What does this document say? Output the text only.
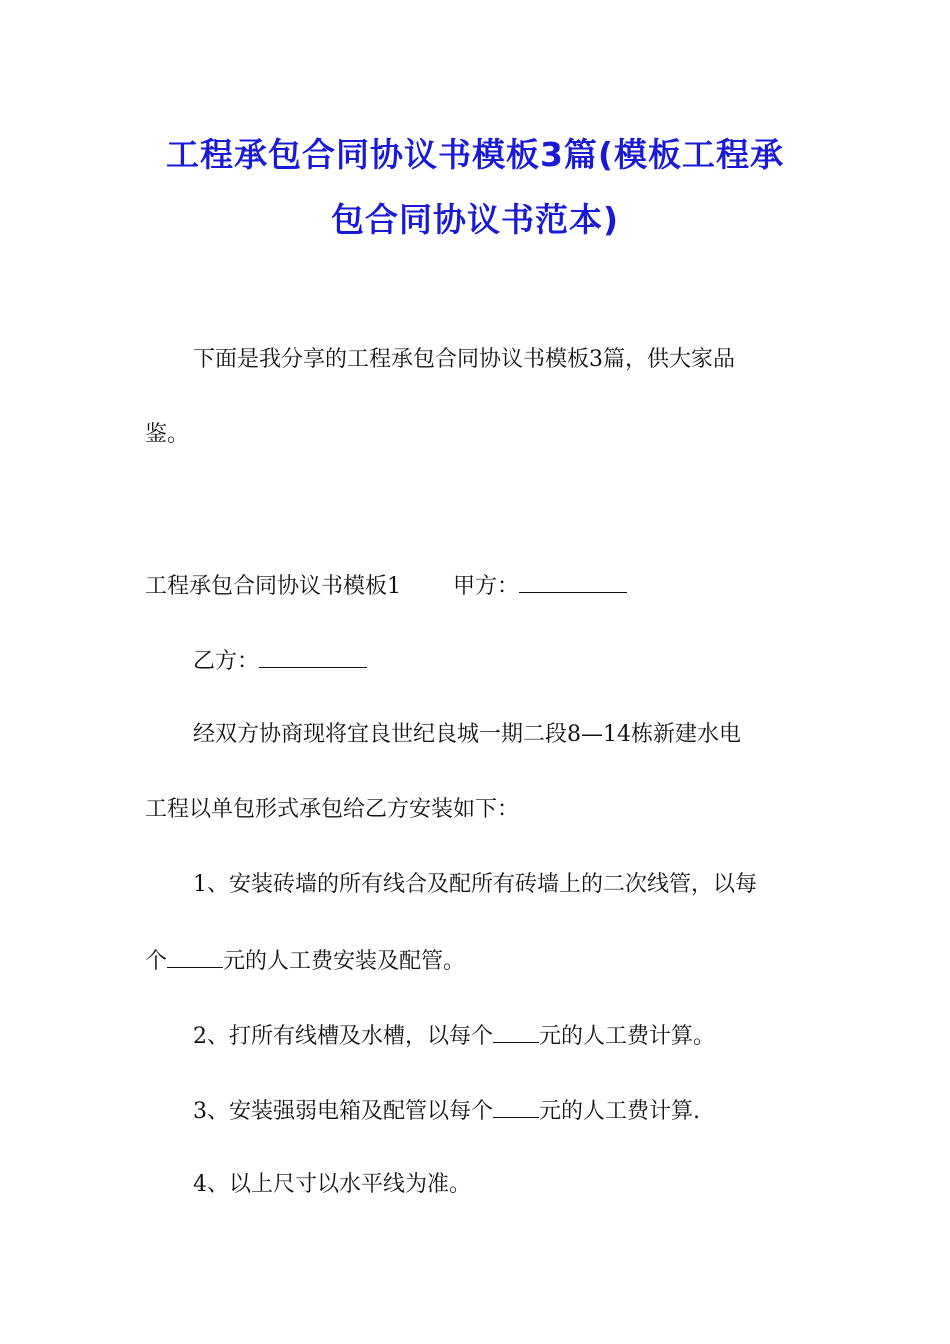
工程承包合同协议书模板3篇(模板工程承
包合同协议书范本)
下面是我分享的工程承包合同协议书模板3篇，供大家品
鉴。
工程承包合同协议书模板1 甲方：
乙方：
经双方协商现将宜良世纪良城一期二段8—14栋新建水电
工程以单包形式承包给乙方安装如下：
1、安装砖墙的所有线合及配所有砖墙上的二次线管，以每
个	元的人工费安装及配管。
2、打所有线槽及水槽，以每个 元的人工费计算。
3、安装强弱电箱及配管以每个 元的人工费计算.
4、以上尺寸以水平线为准。
